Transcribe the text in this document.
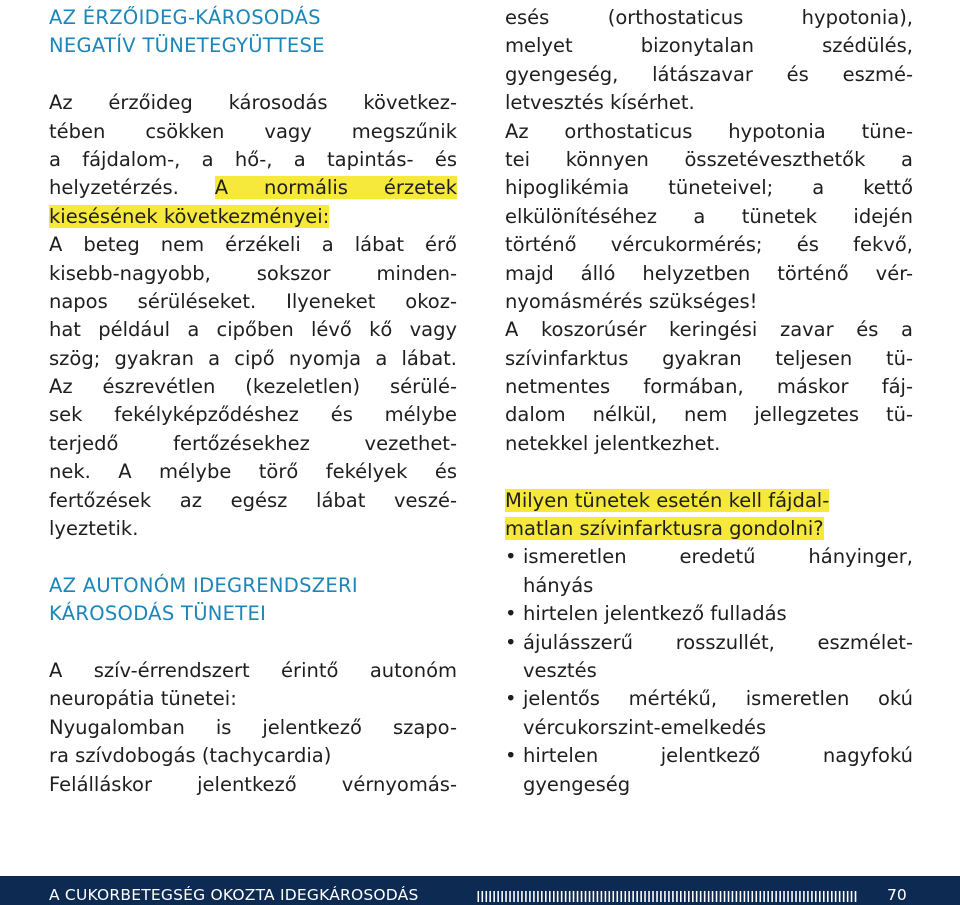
AZ ÉRZŐIDEG-KÁROSODÁS
NEGATÍV TÜNETEGYÜTTESE
Az érzőideg károsodás következ-
tében csökken vagy megszűnik
a fájdalom-, a hő-, a tapintás- és
helyzetérzés. A normális érzetek
kiesésének következményei:
A beteg nem érzékeli a lábat érő
kisebb-nagyobb, sokszor minden-
napos sérüléseket. Ilyeneket okoz-
hat például a cipőben lévő kő vagy
szög; gyakran a cipő nyomja a lábat.
Az észrevétlen (kezeletlen) sérülé-
sek fekélyképződéshez és mélybe
terjedő fertőzésekhez vezethet-
nek. A mélybe törő fekélyek és
fertőzések az egész lábat veszé-
lyeztetik.
AZ AUTONÓM IDEGRENDSZERI
KÁROSODÁS TÜNETEI
A szív-érrendszert érintő autonóm
neuropátia tünetei:
Nyugalomban is jelentkező szapo-
ra szívdobogás (tachycardia)
Felálláskor jelentkező vérnyomás-
esés (orthostaticus hypotonia),
melyet bizonytalan szédülés,
gyengeség, látászavar és eszmé-
letvesztés kísérhet.
Az orthostaticus hypotonia tüne-
tei könnyen összetéveszthetők a
hipoglikémia tüneteivel; a kettő
elkülönítéséhez a tünetek idején
történő vércukormérés; és fekvő,
majd álló helyzetben történő vér-
nyomásmérés szükséges!
A koszorúsér keringési zavar és a
szívinfarktus gyakran teljesen tü-
netmentes formában, máskor fáj-
dalom nélkül, nem jellegzetes tü-
netekkel jelentkezhet.
Milyen tünetek esetén kell fájdal-
matlan szívinfarktusra gondolni?
• ismeretlen eredetű hányinger,
hányás
• hirtelen jelentkező fulladás
• ájulásszerű rosszullét, eszmélet-
vesztés
• jelentős mértékű, ismeretlen okú
vércukorszint-emelkedés
• hirtelen jelentkező nagyfokú
gyengeség
A CUKORBETEGSÉG OKOZTA IDEGKÁROSODÁS	IIIIIIIIIIIIIIIIIIIIIIIIIIIIIIIIIIIIIIIIIIIIIIIIIIIIIIIIIIIIIIIIIIIIIIIIIIIIIIIIIIIIIIIIIIIIIIII	70
